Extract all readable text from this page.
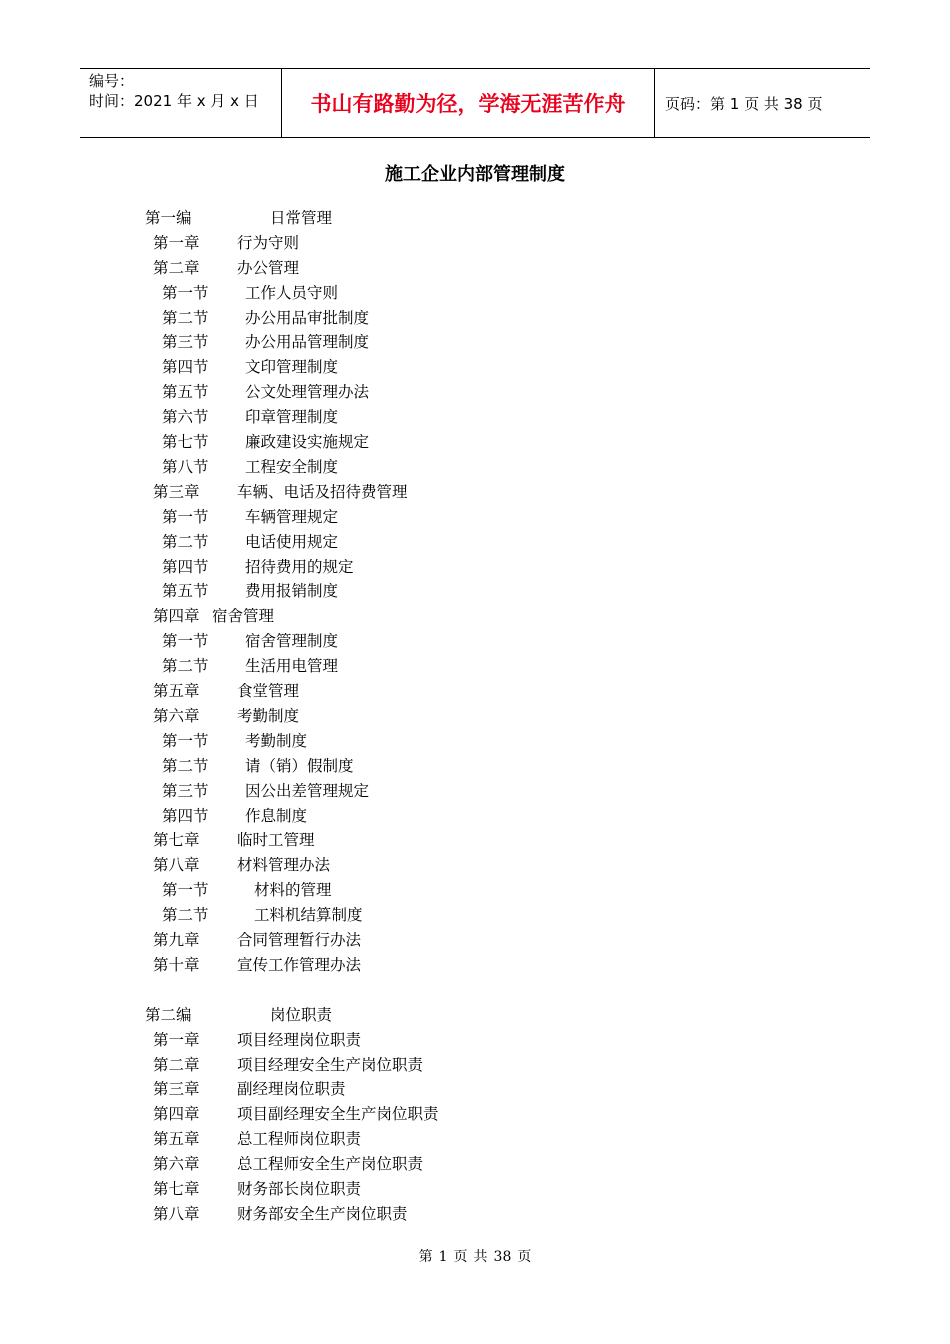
编号：
时间：2021 年 x 月 x 日	书山有路勤为径，学海无涯苦作舟	页码：第 1 页 共 38 页
施工企业内部管理制度
第一编	日常管理
第一章 行为守则
第二章 办公管理
第一节 工作人员守则
第二节 办公用品审批制度
第三节 办公用品管理制度
第四节 文印管理制度
第五节 公文处理管理办法
第六节 印章管理制度
第七节 廉政建设实施规定
第八节 工程安全制度
第三章 车辆、电话及招待费管理
第一节 车辆管理规定
第二节 电话使用规定
第四节 招待费用的规定
第五节 费用报销制度
第四章 宿舍管理
第一节 宿舍管理制度
第二节 生活用电管理
第五章 食堂管理
第六章 考勤制度
第一节 考勤制度
第二节 请（销）假制度
第三节 因公出差管理规定
第四节 作息制度
第七章 临时工管理
第八章 材料管理办法
第一节	材料的管理
第二节	工料机结算制度
第九章 合同管理暂行办法
第十章 宣传工作管理办法
第二编	岗位职责
第一章 项目经理岗位职责
第二章 项目经理安全生产岗位职责
第三章 副经理岗位职责
第四章 项目副经理安全生产岗位职责
第五章 总工程师岗位职责
第六章 总工程师安全生产岗位职责
第七章 财务部长岗位职责
第八章 财务部安全生产岗位职责
第 1 页 共 38 页
